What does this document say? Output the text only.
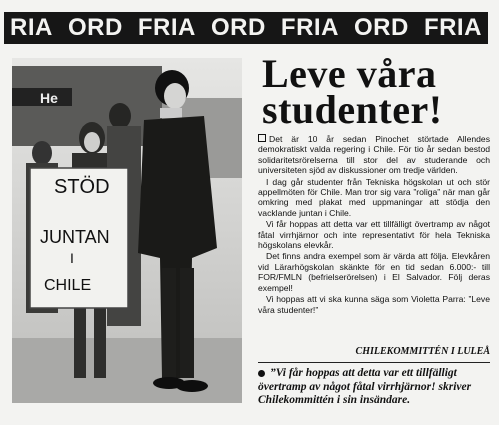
RIA ORD FRIA ORD FRIA ORD FRIA
He
STÖD
JUNTAN
I
CHILE
Leve våra studenter!

Det är 10 år sedan Pinochet störtade Allendes demokratiskt valda regering i Chile. För tio år sedan bestod solidaritetsrörelserna till stor del av studerande och universiteten sjöd av diskussioner om tredje världen.

I dag går studenter från Tekniska högskolan ut och stör appellmöten för Chile. Man tror sig vara ”roliga” när man går omkring med plakat med uppmaningar att stödja den vacklande juntan i Chile.

Vi får hoppas att detta var ett tillfälligt övertramp av något fåtal virrhjärnor och inte representativt för hela Tekniska högskolans elevkår.

Det finns andra exempel som är värda att följa. Elevkåren vid Lärarhögskolan skänkte för en tid sedan 6.000:- till FOR/FMLN (befrielserörelsen) i El Salvador. Följ deras exempel!

Vi hoppas att vi ska kunna säga som Violetta Parra: ”Leve våra studenter!”

CHILEKOMMITTÉN I LULEÅ
”Vi får hoppas att detta var ett tillfälligt övertramp av något fåtal virrhjärnor! skriver Chilekommittén i sin insändare.
